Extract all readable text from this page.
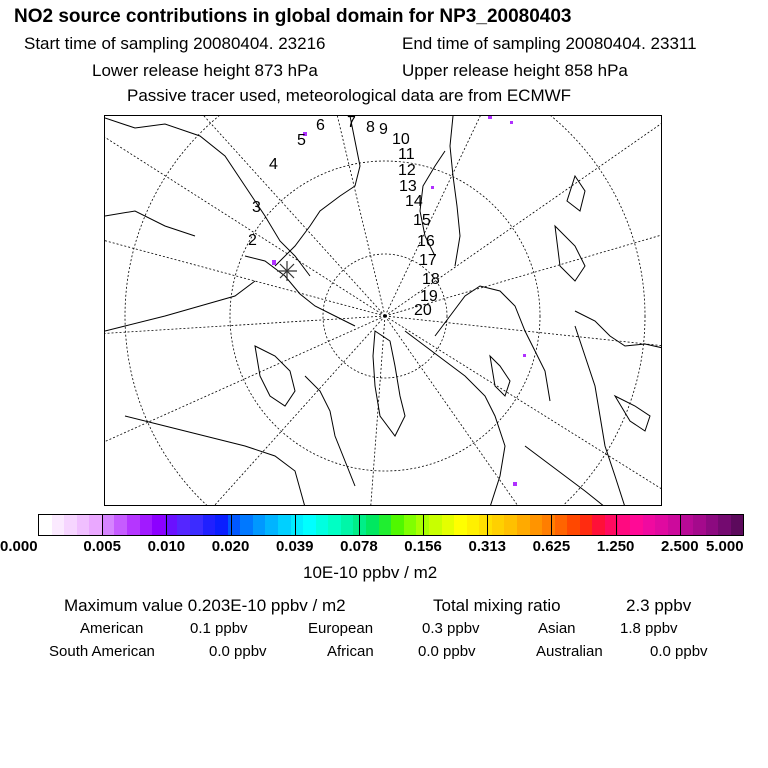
NO2 source contributions in global domain for NP3_20080403
Start time of sampling 20080404. 23216	End time of sampling 20080404. 23311
Lower release height 873 hPa	Upper release height 858 hPa
Passive tracer used, meteorological data are from ECMWF
2
3
4
5
6 7 8 9
10
11
12
13
14
15
16
17
18
19
20
0.000	0.005 0.010 0.020 0.039 0.078 0.156 0.313 0.625 1.250 2.500 5.000
10E-10 ppbv / m2
Maximum value 0.203E-10 ppbv / m2	Total mixing ratio	2.3 ppbv
American	0.1 ppbv	European	0.3 ppbv	Asian	1.8 ppbv
South American	0.0 ppbv	African	0.0 ppbv	Australian	0.0 ppbv
